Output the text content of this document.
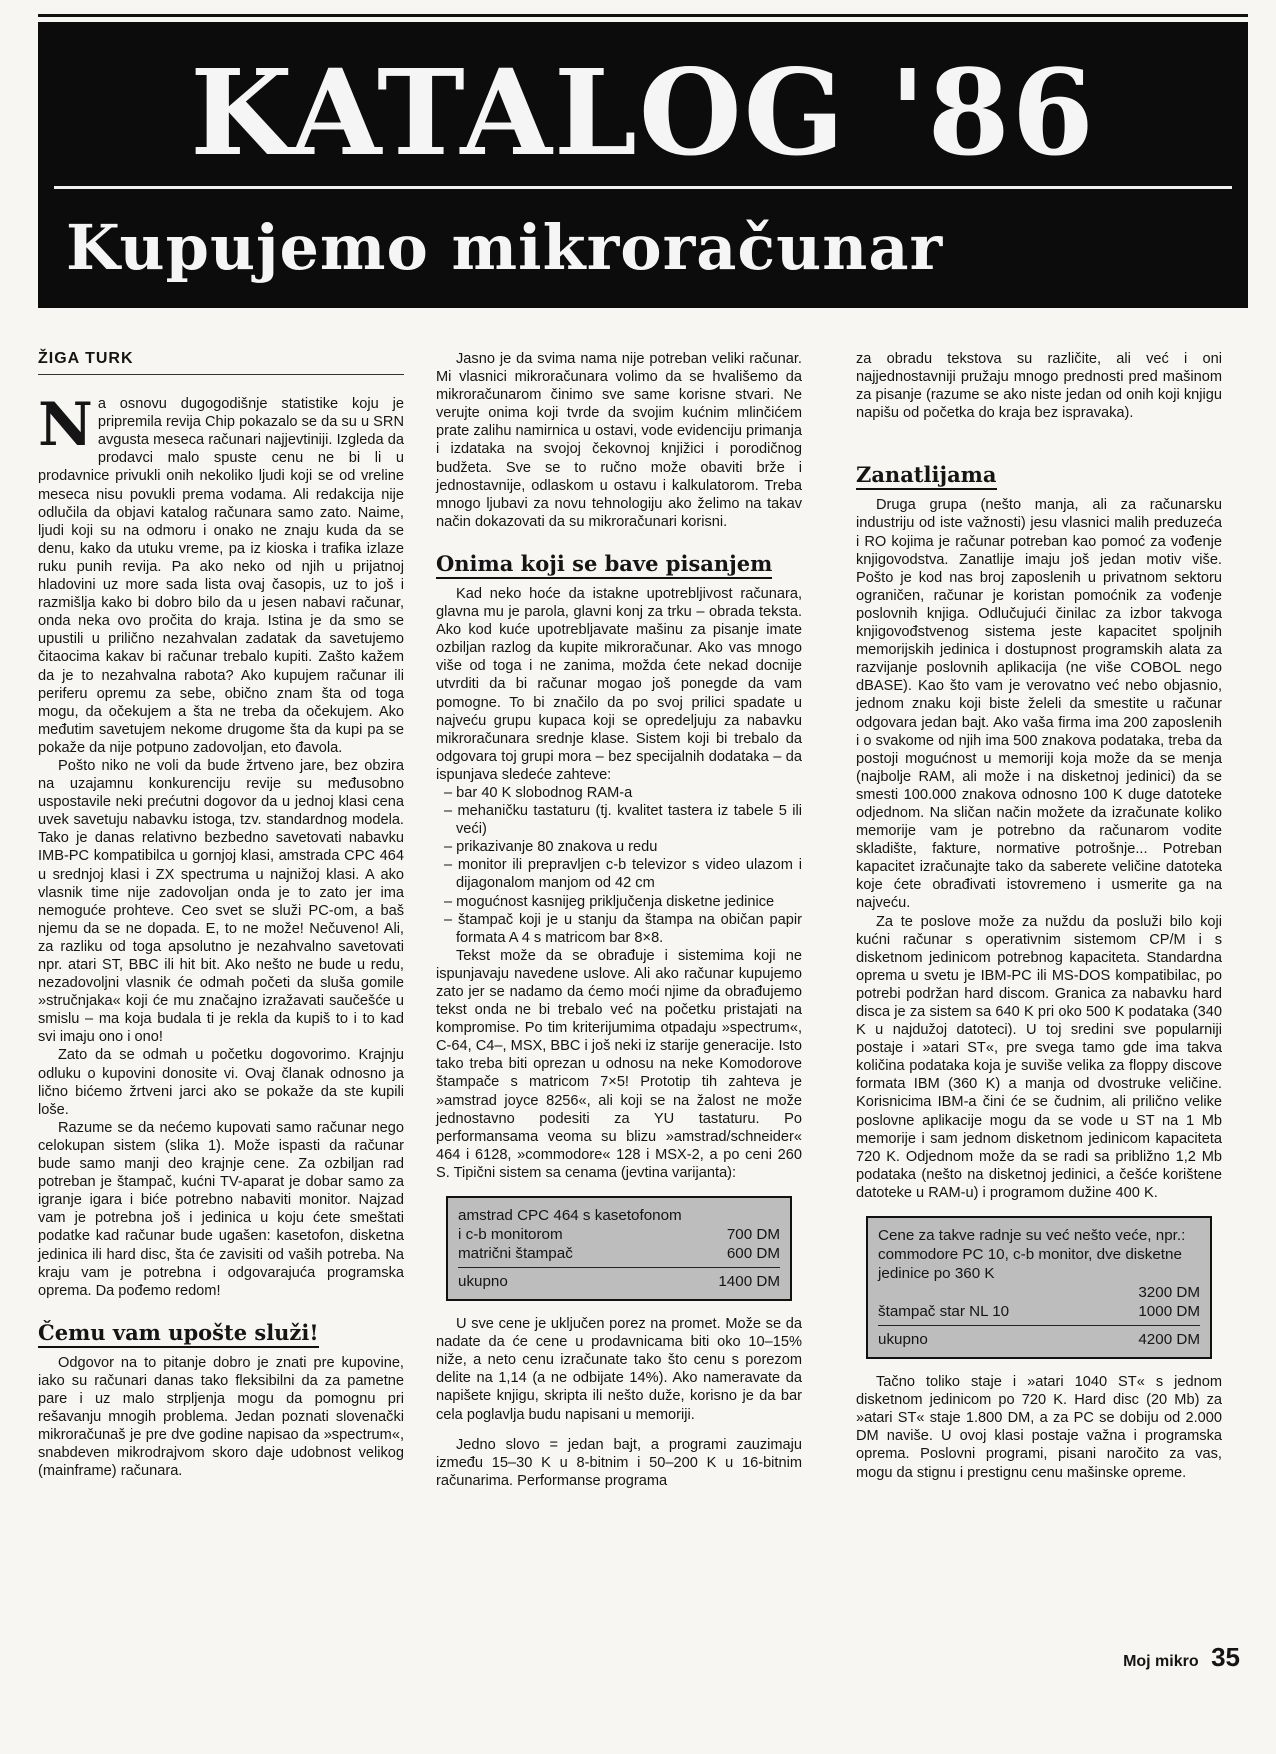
KATALOG '86
Kupujemo mikroračunar
ŽIGA TURK

Na osnovu dugogodišnje statistike koju je pripremila revija Chip pokazalo se da su u SRN avgusta meseca računari najjevtiniji. Izgleda da prodavci malo spuste cenu ne bi li u prodavnice privukli onih nekoliko ljudi koji se od vreline meseca nisu povukli prema vodama. Ali redakcija nije odlučila da objavi katalog računara samo zato. Naime, ljudi koji su na odmoru i onako ne znaju kuda da se denu, kako da utuku vreme, pa iz kioska i trafika izlaze ruku punih revija. Pa ako neko od njih u prijatnoj hladovini uz more sada lista ovaj časopis, uz to još i razmišlja kako bi dobro bilo da u jesen nabavi računar, onda neka ovo pročita do kraja. Istina je da smo se upustili u prilično nezahvalan zadatak da savetujemo čitaocima kakav bi računar trebalo kupiti. Zašto kažem da je to nezahvalna rabota? Ako kupujem računar ili periferu opremu za sebe, obično znam šta od toga mogu, da očekujem a šta ne treba da očekujem. Ako međutim savetujem nekome drugome šta da kupi pa se pokaže da nije potpuno zadovoljan, eto đavola.

Pošto niko ne voli da bude žrtveno jare, bez obzira na uzajamnu konkurenciju revije su međusobno uspostavile neki prećutni dogovor da u jednoj klasi cena uvek savetuju nabavku istoga, tzv. standardnog modela. Tako je danas relativno bezbedno savetovati nabavku IMB-PC kompatibilca u gornjoj klasi, amstrada CPC 464 u srednjoj klasi i ZX spectruma u najnižoj klasi. A ako vlasnik time nije zadovoljan onda je to zato jer ima nemoguće prohteve. Ceo svet se služi PC-om, a baš njemu da se ne dopada. E, to ne može! Nečuveno! Ali, za razliku od toga apsolutno je nezahvalno savetovati npr. atari ST, BBC ili hit bit. Ako nešto ne bude u redu, nezadovoljni vlasnik će odmah početi da sluša gomile »stručnjaka« koji će mu značajno izražavati saučešće u smislu – ma koja budala ti je rekla da kupiš to i to kad svi imaju ono i ono!

Zato da se odmah u početku dogovorimo. Krajnju odluku o kupovini donosite vi. Ovaj članak odnosno ja lično bićemo žrtveni jarci ako se pokaže da ste kupili loše.

Razume se da nećemo kupovati samo računar nego celokupan sistem (slika 1). Može ispasti da računar bude samo manji deo krajnje cene. Za ozbiljan rad potreban je štampač, kućni TV-aparat je dobar samo za igranje igara i biće potrebno nabaviti monitor. Najzad vam je potrebna još i jedinica u koju ćete smeštati podatke kad računar bude ugašen: kasetofon, disketna jedinica ili hard disc, šta će zavisiti od vaših potreba. Na kraju vam je potrebna i odgovarajuća programska oprema. Da pođemo redom!

Čemu vam upošte služi!

Odgovor na to pitanje dobro je znati pre kupovine, iako su računari danas tako fleksibilni da za pametne pare i uz malo strpljenja mogu da pomognu pri rešavanju mnogih problema. Jedan poznati slovenački mikroračunaš je pre dve godine napisao da »spectrum«, snabdeven mikrodrajvom skoro daje udobnost velikog (mainframe) računara.

Jasno je da svima nama nije potreban veliki računar. Mi vlasnici mikroračunara volimo da se hvališemo da mikroračunarom činimo sve same korisne stvari. Ne verujte onima koji tvrde da svojim kućnim mlinčićem prate zalihu namirnica u ostavi, vode evidenciju primanja i izdataka na svojoj čekovnoj knjižici i porodičnog budžeta. Sve se to ručno može obaviti brže i jednostavnije, odlaskom u ostavu i kalkulatorom. Treba mnogo ljubavi za novu tehnologiju ako želimo na takav način dokazovati da su mikroračunari korisni.

Onima koji se bave pisanjem

Kad neko hoće da istakne upotrebljivost računara, glavna mu je parola, glavni konj za trku – obrada teksta. Ako kod kuće upotrebljavate mašinu za pisanje imate ozbiljan razlog da kupite mikroračunar. Ako vas mnogo više od toga i ne zanima, možda ćete nekad docnije utvrditi da bi računar mogao još ponegde da vam pomogne. To bi značilo da po svoj prilici spadate u najveću grupu kupaca koji se opredeljuju za nabavku mikroračunara srednje klase. Sistem koji bi trebalo da odgovara toj grupi mora – bez specijalnih dodataka – da ispunjava sledeće zahteve:

– bar 40 K slobodnog RAM-a
– mehaničku tastaturu (tj. kvalitet tastera iz tabele 5 ili veći)
– prikazivanje 80 znakova u redu
– monitor ili prepravljen c-b televizor s video ulazom i dijagonalom manjom od 42 cm
– mogućnost kasnijeg priključenja disketne jedinice
– štampač koji je u stanju da štampa na običan papir formata A 4 s matricom bar 8×8.

Tekst može da se obrađuje i sistemima koji ne ispunjavaju navedene uslove. Ali ako računar kupujemo zato jer se nadamo da ćemo moći njime da obrađujemo tekst onda ne bi trebalo već na početku pristajati na kompromise. Po tim kriterijumima otpadaju »spectrum«, C-64, C4–, MSX, BBC i još neki iz starije generacije. Isto tako treba biti oprezan u odnosu na neke Komodorove štampače s matricom 7×5! Prototip tih zahteva je »amstrad joyce 8256«, ali koji se na žalost ne može jednostavno podesiti za YU tastaturu. Po performansama veoma su blizu »amstrad/schneider« 464 i 6128, »commodore« 128 i MSX-2, a po ceni 260 S. Tipični sistem sa cenama (jevtina varijanta):

amstrad CPC 464 s kasetofonom
i c-b monitorom	700 DM
matrični štampač	600 DM
ukupno	1400 DM

U sve cene je uključen porez na promet. Može se da nadate da će cene u prodavnicama biti oko 10–15% niže, a neto cenu izračunate tako što cenu s porezom delite na 1,14 (a ne odbijate 14%). Ako nameravate da napišete knjigu, skripta ili nešto duže, korisno je da bar cela poglavlja budu napisani u memoriji.

Jedno slovo = jedan bajt, a programi zauzimaju između 15–30 K u 8-bitnim i 50–200 K u 16-bitnim računarima. Performanse programa

za obradu tekstova su različite, ali već i oni najjednostavniji pružaju mnogo prednosti pred mašinom za pisanje (razume se ako niste jedan od onih koji knjigu napišu od početka do kraja bez ispravaka).

Zanatlijama

Druga grupa (nešto manja, ali za računarsku industriju od iste važnosti) jesu vlasnici malih preduzeća i RO kojima je računar potreban kao pomoć za vođenje knjigovodstva. Zanatlije imaju još jedan motiv više. Pošto je kod nas broj zaposlenih u privatnom sektoru ograničen, računar je koristan pomoćnik za vođenje poslovnih knjiga. Odlučujući činilac za izbor takvoga knjigovođstvenog sistema jeste kapacitet spoljnih memorijskih jedinica i dostupnost programskih alata za razvijanje poslovnih aplikacija (ne više COBOL nego dBASE). Kao što vam je verovatno već nebo objasnio, jednom znaku koji biste želeli da smestite u računar odgovara jedan bajt. Ako vaša firma ima 200 zaposlenih i o svakome od njih ima 500 znakova podataka, treba da postoji mogućnost u memoriji koja može da se menja (najbolje RAM, ali može i na disketnoj jedinici) da se smesti 100.000 znakova odnosno 100 K duge datoteke odjednom. Na sličan način možete da izračunate koliko memorije vam je potrebno da računarom vodite skladište, fakture, normative potrošnje... Potreban kapacitet izračunajte tako da saberete veličine datoteka koje ćete obrađivati istovremeno i usmerite ga na najveću.

Za te poslove može za nuždu da posluži bilo koji kućni računar s operativnim sistemom CP/M i s disketnom jedinicom potrebnog kapaciteta. Standardna oprema u svetu je IBM-PC ili MS-DOS kompatibilac, po potrebi podržan hard discom. Granica za nabavku hard disca je za sistem sa 640 K pri oko 500 K podataka (340 K u najdužoj datoteci). U toj sredini sve popularniji postaje i »atari ST«, pre svega tamo gde ima takva količina podataka koja je suviše velika za floppy discove formata IBM (360 K) a manja od dvostruke veličine. Korisnicima IBM-a čini će se čudnim, ali prilično velike poslovne aplikacije mogu da se vode u ST na 1 Mb memorije i sam jednom disketnom jedinicom kapaciteta 720 K. Odjednom može da se radi sa približno 1,2 Mb podataka (nešto na disketnoj jedinici, a češće korištene datoteke u RAM-u) i programom dužine 400 K.

Cene za takve radnje su već nešto veće, npr.:
commodore PC 10, c-b monitor, dve disketne jedinice po 360 K
3200 DM
štampač star NL 10	1000 DM
ukupno	4200 DM

Tačno toliko staje i »atari 1040 ST« s jednom disketnom jedinicom po 720 K. Hard disc (20 Mb) za »atari ST« staje 1.800 DM, a za PC se dobiju od 2.000 DM naviše. U ovoj klasi postaje važna i programska oprema. Poslovni programi, pisani naročito za vas, mogu da stignu i prestignu cenu mašinske opreme.

Moj mikro 35
